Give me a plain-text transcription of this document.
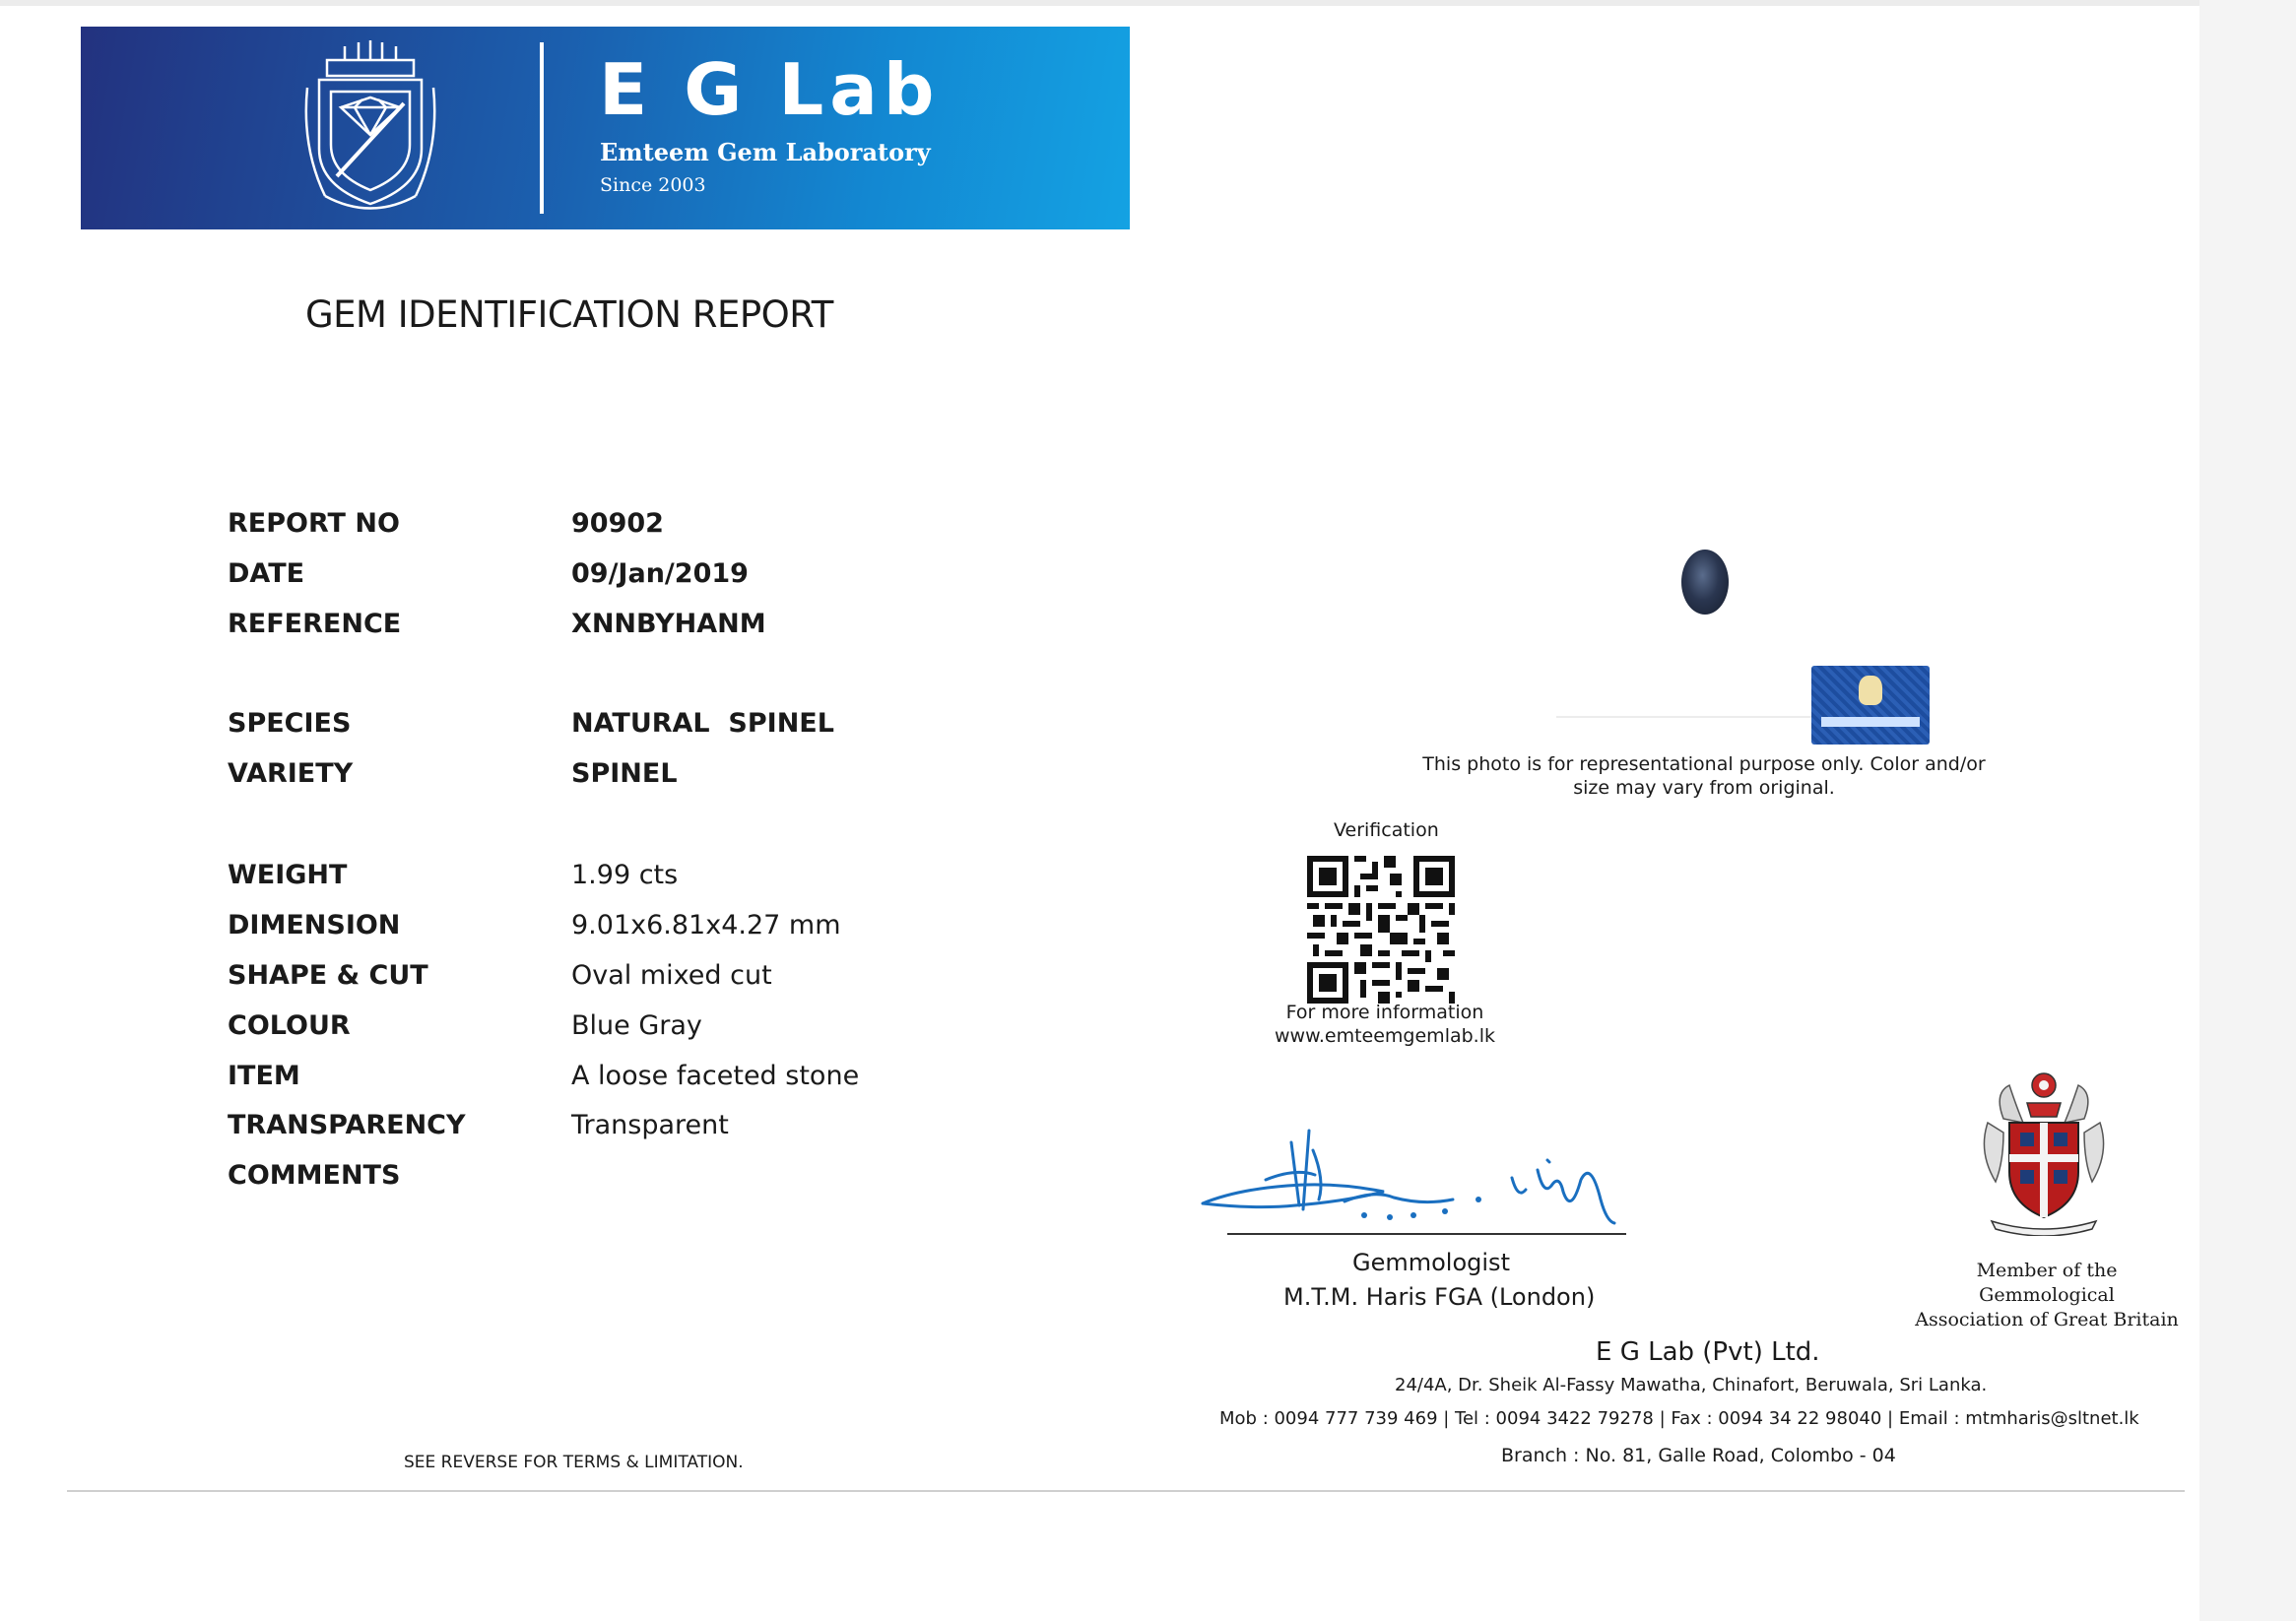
E G Lab
Emteem Gem Laboratory
Since 2003
GEM IDENTIFICATION REPORT
REPORT NO	90902
DATE	09/Jan/2019
REFERENCE	XNNBYHANM
SPECIES	NATURAL  SPINEL
VARIETY	SPINEL
WEIGHT	1.99 cts
DIMENSION	9.01x6.81x4.27 mm
SHAPE & CUT	Oval mixed cut
COLOUR	Blue Gray
ITEM	A loose faceted stone
TRANSPARENCY	Transparent
COMMENTS
This photo is for representational purpose only. Color and/or
size may vary from original.
Verification
For more information
www.emteemgemlab.lk
Gemmologist
M.T.M. Haris FGA (London)
Member of the Gemmological
Association of Great Britain
E G Lab (Pvt) Ltd.
24/4A, Dr. Sheik Al-Fassy Mawatha, Chinafort, Beruwala, Sri Lanka.
Mob : 0094 777 739 469 | Tel : 0094 3422 79278 | Fax : 0094 34 22 98040 | Email : mtmharis@sltnet.lk
Branch : No. 81, Galle Road, Colombo - 04
SEE REVERSE FOR TERMS & LIMITATION.
